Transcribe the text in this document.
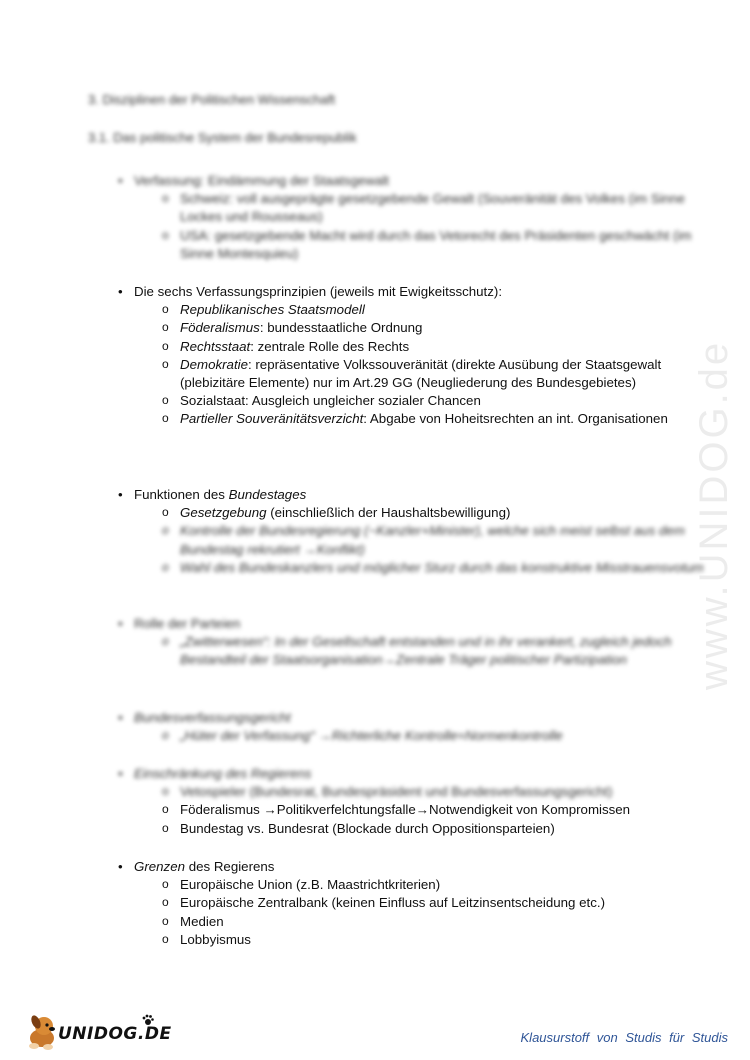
www.UNIDOG.de
3. Disziplinen der Politischen Wissenschaft
3.1. Das politische System der Bundesrepublik
• Verfassung: Eindämmung der Staatsgewalt
o Schweiz: voll ausgeprägte gesetzgebende Gewalt (Souveränität des Volkes (im Sinne Lockes und Rousseaus)
o USA: gesetzgebende Macht wird durch das Vetorecht des Präsidenten geschwächt (im Sinne Montesquieu)
• Die sechs Verfassungsprinzipien (jeweils mit Ewigkeitsschutz):
o Republikanisches Staatsmodell
o Föderalismus: bundesstaatliche Ordnung
o Rechtsstaat: zentrale Rolle des Rechts
o Demokratie: repräsentative Volkssouveränität (direkte Ausübung der Staatsgewalt (plebizitäre Elemente) nur im Art.29 GG (Neugliederung des Bundesgebietes)
o Sozialstaat: Ausgleich ungleicher sozialer Chancen
o Partieller Souveränitätsverzicht: Abgabe von Hoheitsrechten an int. Organisationen
• Funktionen des Bundestages
o Gesetzgebung (einschließlich der Haushaltsbewilligung)
o Kontrolle der Bundesregierung (~Kanzler+Minister), welche sich meist selbst aus dem Bundestag rekrutiert →Konflikt)
o Wahl des Bundeskanzlers und möglicher Sturz durch das konstruktive Misstrauensvotum
• Rolle der Parteien
o „Zwitterwesen“: In der Gesellschaft entstanden und in ihr verankert, zugleich jedoch Bestandteil der Staatsorganisation→Zentrale Träger politischer Partizipation
• Bundesverfassungsgericht
o „Hüter der Verfassung“ →Richterliche Kontrolle=Normenkontrolle
• Einschränkung des Regierens
o Vetospieler (Bundesrat, Bundespräsident und Bundesverfassungsgericht)
o Föderalismus →Politikverfelchtungsfalle→Notwendigkeit von Kompromissen
o Bundestag vs. Bundesrat (Blockade durch Oppositionsparteien)
• Grenzen des Regierens
o Europäische Union (z.B. Maastrichtkriterien)
o Europäische Zentralbank (keinen Einfluss auf Leitzinsentscheidung etc.)
o Medien
o Lobbyismus
UNIDOG.DE	Klausurstoff von Studis für Studis
